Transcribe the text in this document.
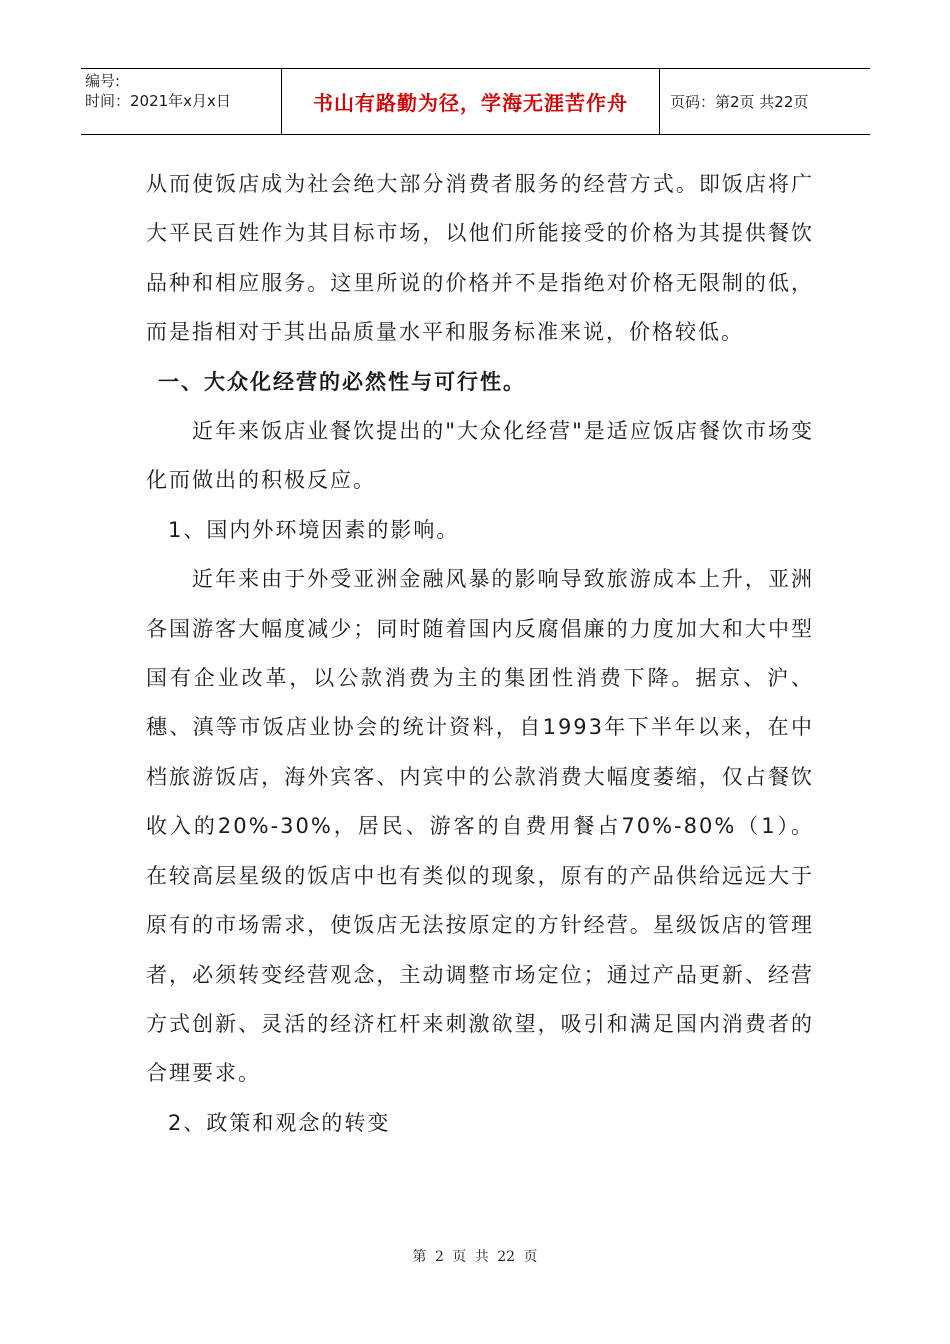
编号:
时间：2021年x月x日	书山有路勤为径，学海无涯苦作舟	页码：第2页 共22页

从而使饭店成为社会绝大部分消费者服务的经营方式。即饭店将广大平民百姓作为其目标市场，以他们所能接受的价格为其提供餐饮品种和相应服务。这里所说的价格并不是指绝对价格无限制的低，而是指相对于其出品质量水平和服务标准来说，价格较低。

一、大众化经营的必然性与可行性。

近年来饭店业餐饮提出的"大众化经营"是适应饭店餐饮市场变化而做出的积极反应。

1、国内外环境因素的影响。

近年来由于外受亚洲金融风暴的影响导致旅游成本上升，亚洲各国游客大幅度减少；同时随着国内反腐倡廉的力度加大和大中型国有企业改革，以公款消费为主的集团性消费下降。据京、沪、穗、滇等市饭店业协会的统计资料，自1993年下半年以来，在中档旅游饭店，海外宾客、内宾中的公款消费大幅度萎缩，仅占餐饮收入的20%-30%，居民、游客的自费用餐占70%-80%（1）。在较高层星级的饭店中也有类似的现象，原有的产品供给远远大于原有的市场需求，使饭店无法按原定的方针经营。星级饭店的管理者，必须转变经营观念，主动调整市场定位；通过产品更新、经营方式创新、灵活的经济杠杆来刺激欲望，吸引和满足国内消费者的合理要求。

2、政策和观念的转变

第 2 页 共 22 页
